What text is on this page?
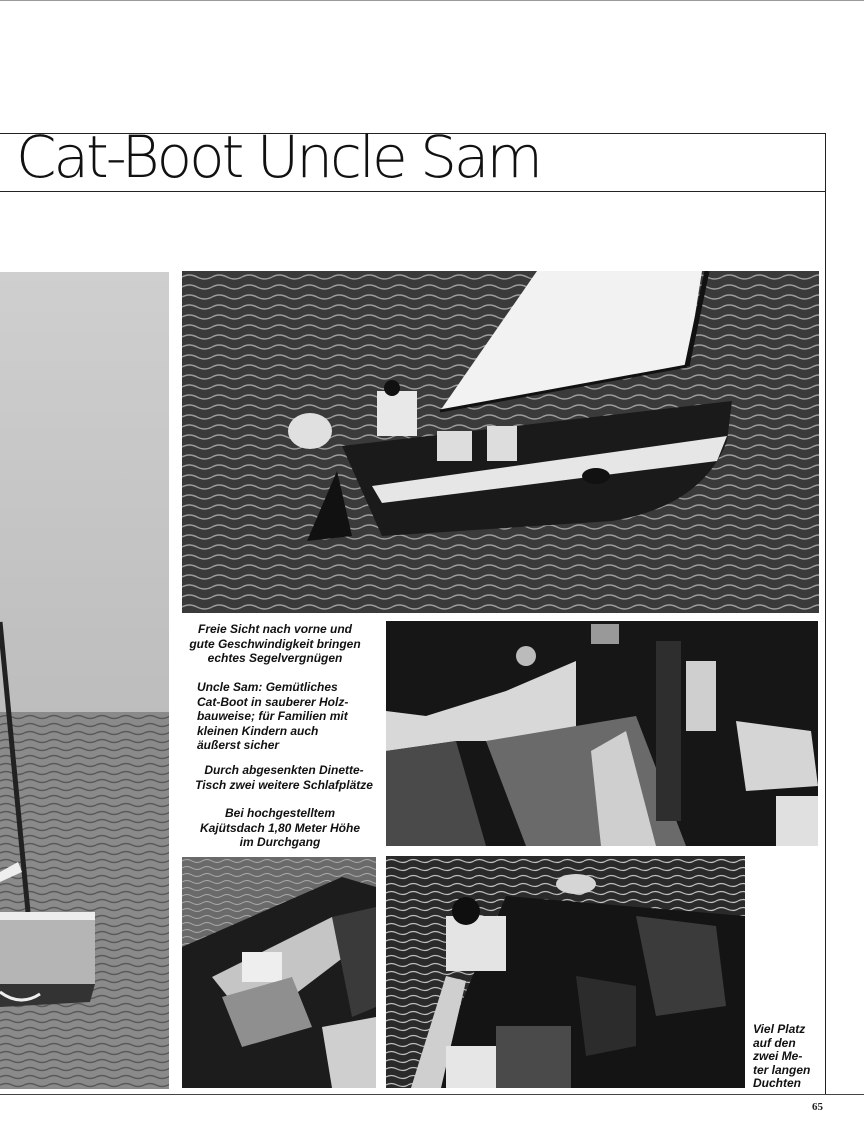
Cat-Boot Uncle Sam
Freie Sicht nach vorne und
gute Geschwindigkeit bringen
echtes Segelvergnügen
Uncle Sam: Gemütliches
Cat-Boot in sauberer Holz-
bauweise; für Familien mit
kleinen Kindern auch
äußerst sicher
Durch abgesenkten Dinette-
Tisch zwei weitere Schlafplätze
Bei hochgestelltem
Kajütsdach 1,80 Meter Höhe
im Durchgang
Viel Platz
auf den
zwei Me-
ter langen
Duchten
65
